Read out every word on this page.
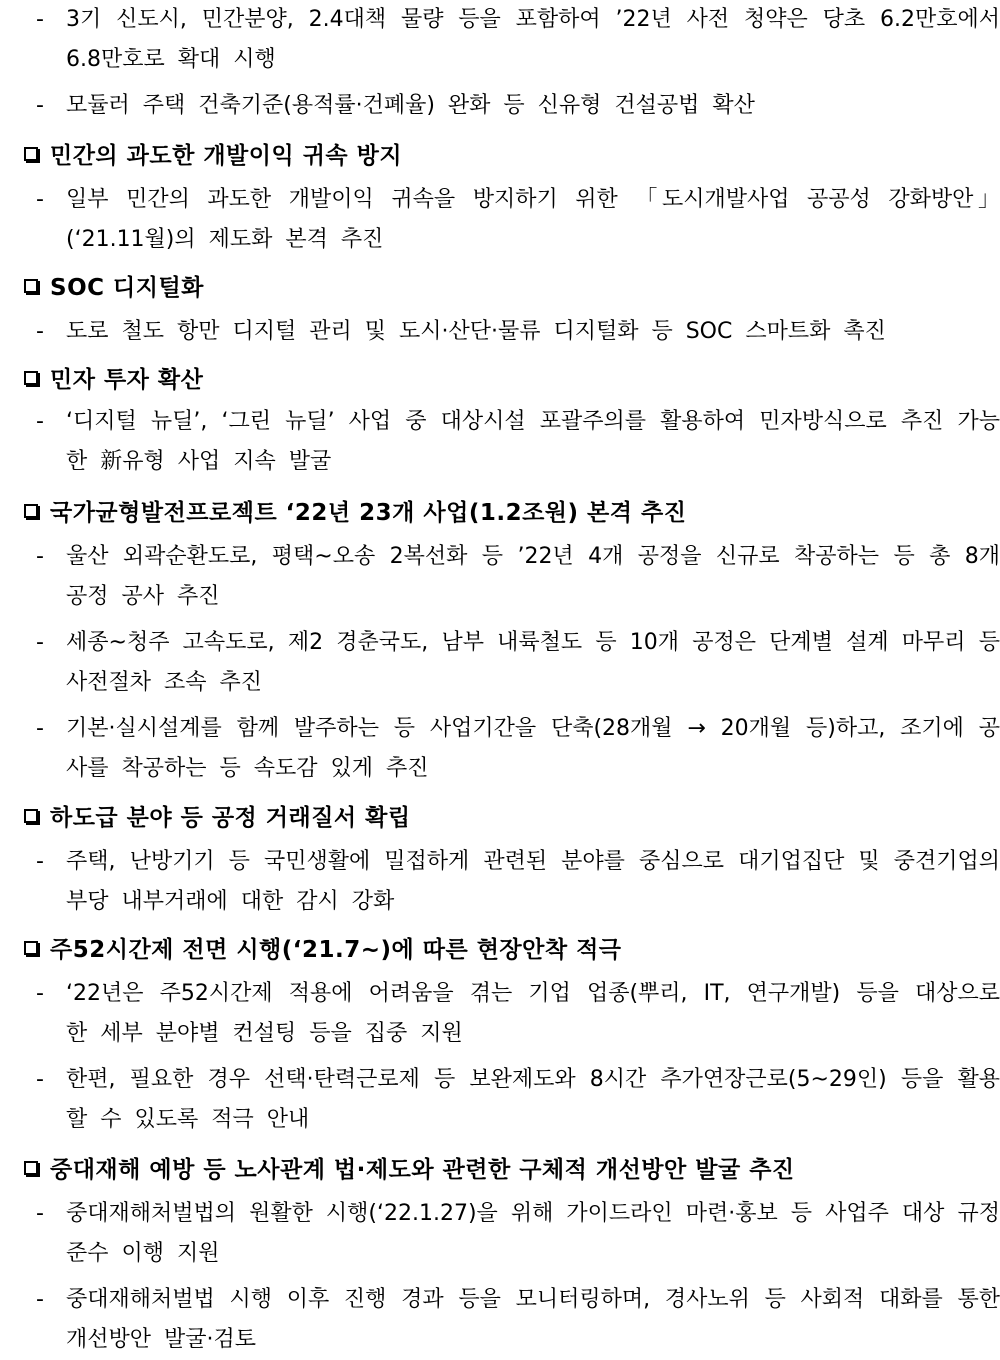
- 3기 신도시, 민간분양, 2.4대책 물량 등을 포함하여 ’22년 사전 청약은 당초 6.2만호에서 6.8만호로 확대 시행
- 모듈러 주택 건축기준(용적률·건폐율) 완화 등 신유형 건설공법 확산
민간의 과도한 개발이익 귀속 방지
- 일부 민간의 과도한 개발이익 귀속을 방지하기 위한 「도시개발사업 공공성 강화방안」(‘21.11월)의 제도화 본격 추진
SOC 디지털화
- 도로 철도 항만 디지털 관리 및 도시·산단·물류 디지털화 등 SOC 스마트화 촉진
민자 투자 확산
- ‘디지털 뉴딜’, ‘그린 뉴딜’ 사업 중 대상시설 포괄주의를 활용하여 민자방식으로 추진 가능한 新유형 사업 지속 발굴
국가균형발전프로젝트 ‘22년 23개 사업(1.2조원) 본격 추진
- 울산 외곽순환도로, 평택~오송 2복선화 등 ’22년 4개 공정을 신규로 착공하는 등 총 8개 공정 공사 추진
- 세종~청주 고속도로, 제2 경춘국도, 남부 내륙철도 등 10개 공정은 단계별 설계 마무리 등 사전절차 조속 추진
- 기본·실시설계를 함께 발주하는 등 사업기간을 단축(28개월 → 20개월 등)하고, 조기에 공사를 착공하는 등 속도감 있게 추진
하도급 분야 등 공정 거래질서 확립
- 주택, 난방기기 등 국민생활에 밀접하게 관련된 분야를 중심으로 대기업집단 및 중견기업의 부당 내부거래에 대한 감시 강화
주52시간제 전면 시행(‘21.7~)에 따른 현장안착 적극
- ‘22년은 주52시간제 적용에 어려움을 겪는 기업 업종(뿌리, IT, 연구개발) 등을 대상으로 한 세부 분야별 컨설팅 등을 집중 지원
- 한편, 필요한 경우 선택·탄력근로제 등 보완제도와 8시간 추가연장근로(5~29인) 등을 활용할 수 있도록 적극 안내
중대재해 예방 등 노사관계 법·제도와 관련한 구체적 개선방안 발굴 추진
- 중대재해처벌법의 원활한 시행(‘22.1.27)을 위해 가이드라인 마련·홍보 등 사업주 대상 규정 준수 이행 지원
- 중대재해처벌법 시행 이후 진행 경과 등을 모니터링하며, 경사노위 등 사회적 대화를 통한 개선방안 발굴·검토
